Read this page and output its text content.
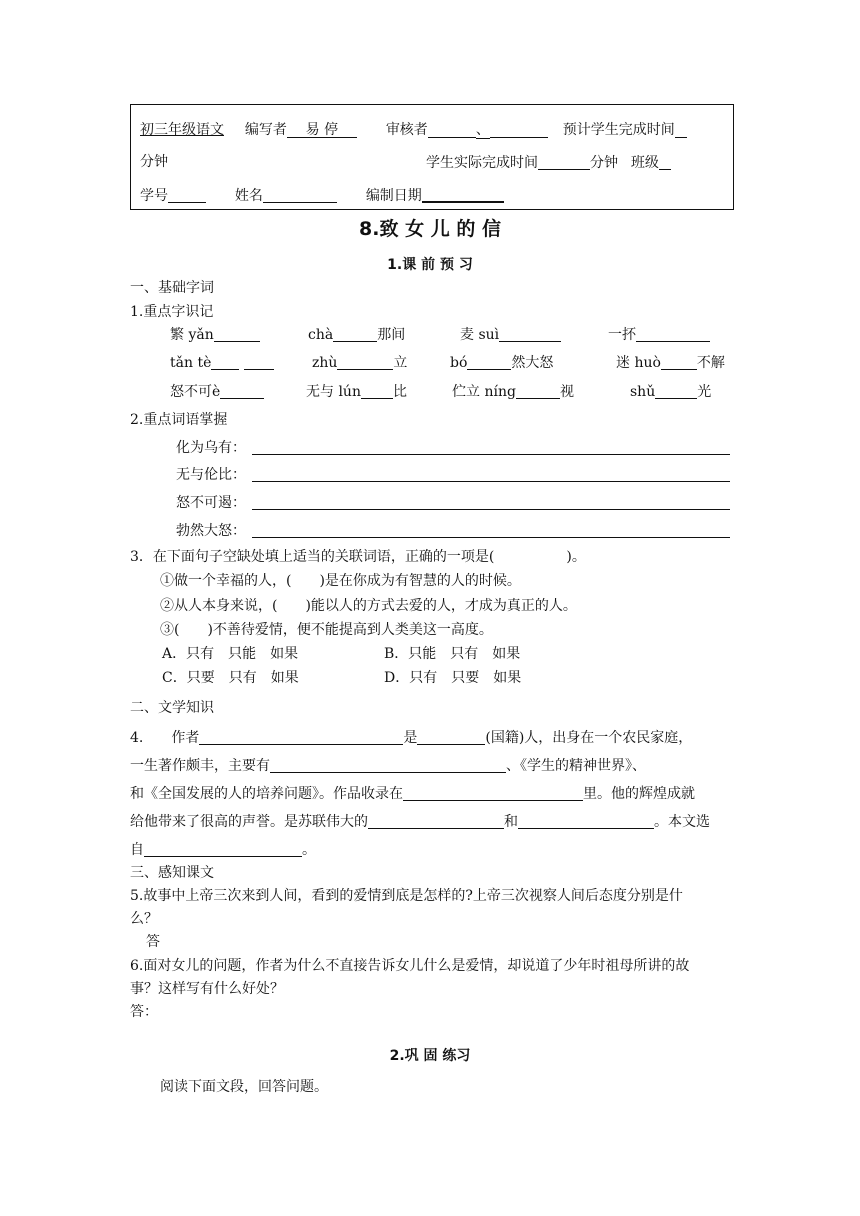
初三年级语文 编写者 易 停	审核者	、	预计学生完成时间
分钟	学生实际完成时间	分钟 班级
学号	姓名	编制日期
8.致 女 儿 的 信
1.课 前 预 习
一、基础字词
1.重点字识记
繁 yǎn	chà	那间	麦 suì	一抔
tǎn tè	zhù	立	bó	然大怒	迷 huò	不解
怒不可è	无与 lún 比	伫立 níng	视	shǔ	光
2.重点词语掌握
化为乌有：
无与伦比：
怒不可遏：
勃然大怒：
3．在下面句子空缺处填上适当的关联词语，正确的一项是(	)。
①做一个幸福的人，(　　)是在你成为有智慧的人的时候。
②从人本身来说，(　　)能以人的方式去爱的人，才成为真正的人。
③(　　)不善待爱情，便不能提高到人类美这一高度。
A．只有　只能　如果	B．只能　只有　如果
C．只要　只有　如果	D．只有　只要　如果
二、文学知识
4.　　作者	是	(国籍)人，出身在一个农民家庭，
一生著作颇丰，主要有	、《学生的精神世界》、
和《全国发展的人的培养问题》。作品收录在	里。他的辉煌成就
给他带来了很高的声誉。是苏联伟大的	和	。本文选
自	。
三、感知课文
5.故事中上帝三次来到人间，看到的爱情到底是怎样的?上帝三次视察人间后态度分别是什
么？
答
6.面对女儿的问题，作者为什么不直接告诉女儿什么是爱情，却说道了少年时祖母所讲的故
事？这样写有什么好处？
答：
2.巩 固 练习
阅读下面文段，回答问题。
